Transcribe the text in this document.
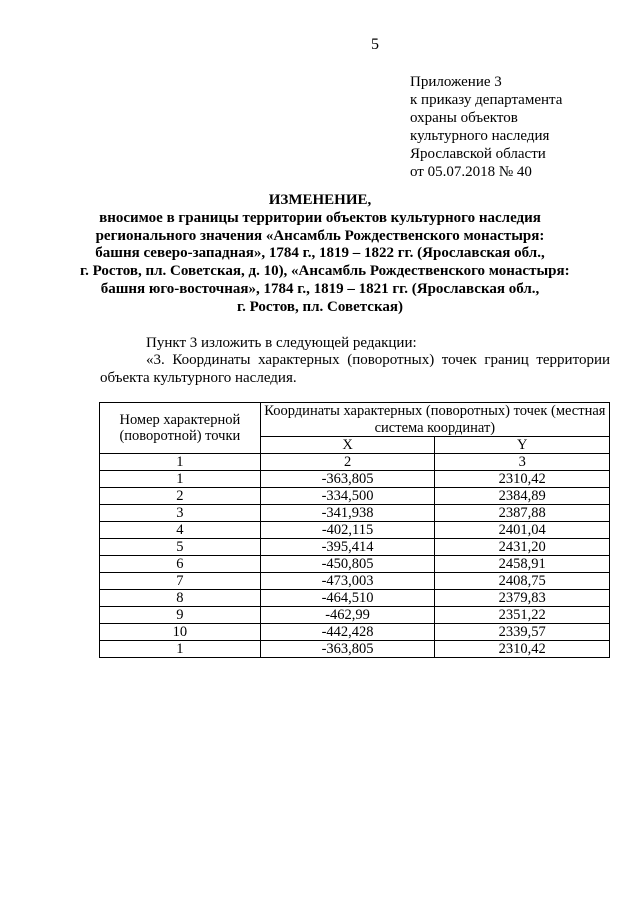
5
Приложение 3
к приказу департамента
охраны объектов
культурного наследия
Ярославской области
от 05.07.2018 № 40
ИЗМЕНЕНИЕ,
вносимое в границы территории объектов культурного наследия
регионального значения «Ансамбль Рождественского монастыря:
башня северо-западная», 1784 г., 1819 – 1822 гг. (Ярославская обл.,
г. Ростов, пл. Советская, д. 10), «Ансамбль Рождественского монастыря:
башня юго-восточная», 1784 г., 1819 – 1821 гг. (Ярославская обл.,
г. Ростов, пл. Советская)
Пункт 3 изложить в следующей редакции:
«3. Координаты характерных (поворотных) точек границ территории объекта культурного наследия.
Номер характерной (поворотной) точки	Координаты характерных (поворотных) точек (местная система координат)	
	X	Y
1	2	3
1	-363,805	2310,42
2	-334,500	2384,89
3	-341,938	2387,88
4	-402,115	2401,04
5	-395,414	2431,20
6	-450,805	2458,91
7	-473,003	2408,75
8	-464,510	2379,83
9	-462,99	2351,22
10	-442,428	2339,57
1	-363,805	2310,42
